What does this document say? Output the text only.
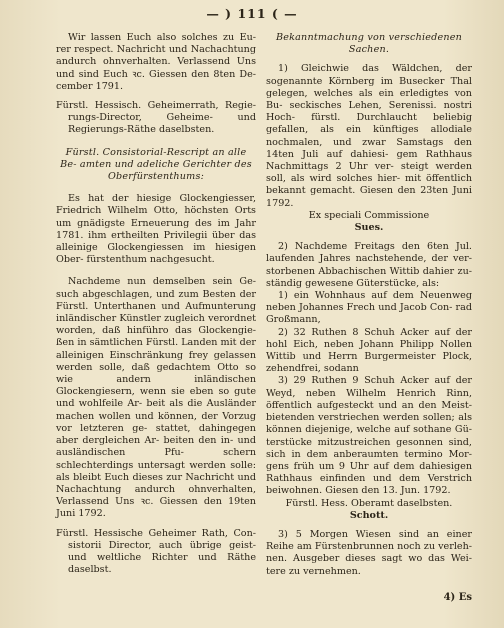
— ) 111 ( —

Wir lassen Euch also solches zu Eu- rer respect. Nachricht und Nachachtung andurch ohnverhalten. Verlassend Uns und sind Euch ꝛc. Giessen den 8ten De- cember 1791.

Fürstl. Hessisch. Geheimerrath, Regie- rungs-Director, Geheime- und Regierungs-Räthe daselbsten.

Fürstl. Consistorial-Rescript an alle Be- amten und adeliche Gerichter des Oberfürstenthums:

Es hat der hiesige Glockengiesser, Friedrich Wilhelm Otto, höchsten Orts um gnädigste Erneuerung des im Jahr 1781. ihm ertheilten Privilegii über das alleinige Glockengiessen im hiesigen Ober- fürstenthum nachgesucht.

Nachdeme nun demselben sein Ge- such abgeschlagen, und zum Besten der Fürstl. Unterthanen und Aufmunterung inländischer Künstler zugleich verordnet worden, daß hinführo das Glockengie- ßen in sämtlichen Fürstl. Landen mit der alleinigen Einschränkung frey gelassen werden solle, daß gedachtem Otto so wie andern inländischen Glockengiesern, wenn sie eben so gute und wohlfeile Ar- beit als die Ausländer machen wollen und können, der Vorzug vor letzteren ge- stattet, dahingegen aber dergleichen Ar- beiten den in- und ausländischen Pfu- schern schlechterdings untersagt werden solle: als bleibt Euch dieses zur Nachricht und Nachachtung andurch ohnverhalten, Verlassend Uns ꝛc. Giessen den 19ten Juni 1792.

Fürstl. Hessische Geheimer Rath, Con- sistorii Director, auch übrige geist- und weltliche Richter und Räthe daselbst.

Bekanntmachung von verschiedenen Sachen.

1) Gleichwie das Wäldchen, der sogenannte Körnberg im Busecker Thal gelegen, welches als ein erledigtes von Bu- seckisches Lehen, Serenissi. nostri Hoch- fürstl. Durchlaucht beliebig gefallen, als ein künftiges allodiale nochmalen, und zwar Samstags den 14ten Juli auf dahiesi- gem Rathhaus Nachmittags 2 Uhr ver- steigt werden soll, als wird solches hier- mit öffentlich bekannt gemacht. Giesen den 23ten Juni 1792.

Ex speciali Commissione

Sues.

2) Nachdeme Freitags den 6ten Jul. laufenden Jahres nachstehende, der ver- storbenen Abbachischen Wittib dahier zu- ständig gewesene Güterstücke, als:

1) ein Wohnhaus auf dem Neuenweg neben Johannes Frech und Jacob Con- rad Großmann,

2) 32 Ruthen 8 Schuh Acker auf der hohl Eich, neben Johann Philipp Nollen Wittib und Herrn Burgermeister Plock, zehendfrei, sodann

3) 29 Ruthen 9 Schuh Acker auf der Weyd, neben Wilhelm Henrich Rinn, öffentlich aufgesteckt und an den Meist- bietenden verstriechen werden sollen; als können diejenige, welche auf sothane Gü- terstücke mitzustreichen gesonnen sind, sich in dem anberaumten termino Mor- gens früh um 9 Uhr auf dem dahiesigen Rathhaus einfinden und dem Verstrich beiwohnen. Giesen den 13. Jun. 1792.

Fürstl. Hess. Oberamt daselbsten.

Schott.

3) 5 Morgen Wiesen sind an einer Reihe am Fürstenbrunnen noch zu verleh- nen. Ausgeber dieses sagt wo das Wei- tere zu vernehmen.

4) Es
